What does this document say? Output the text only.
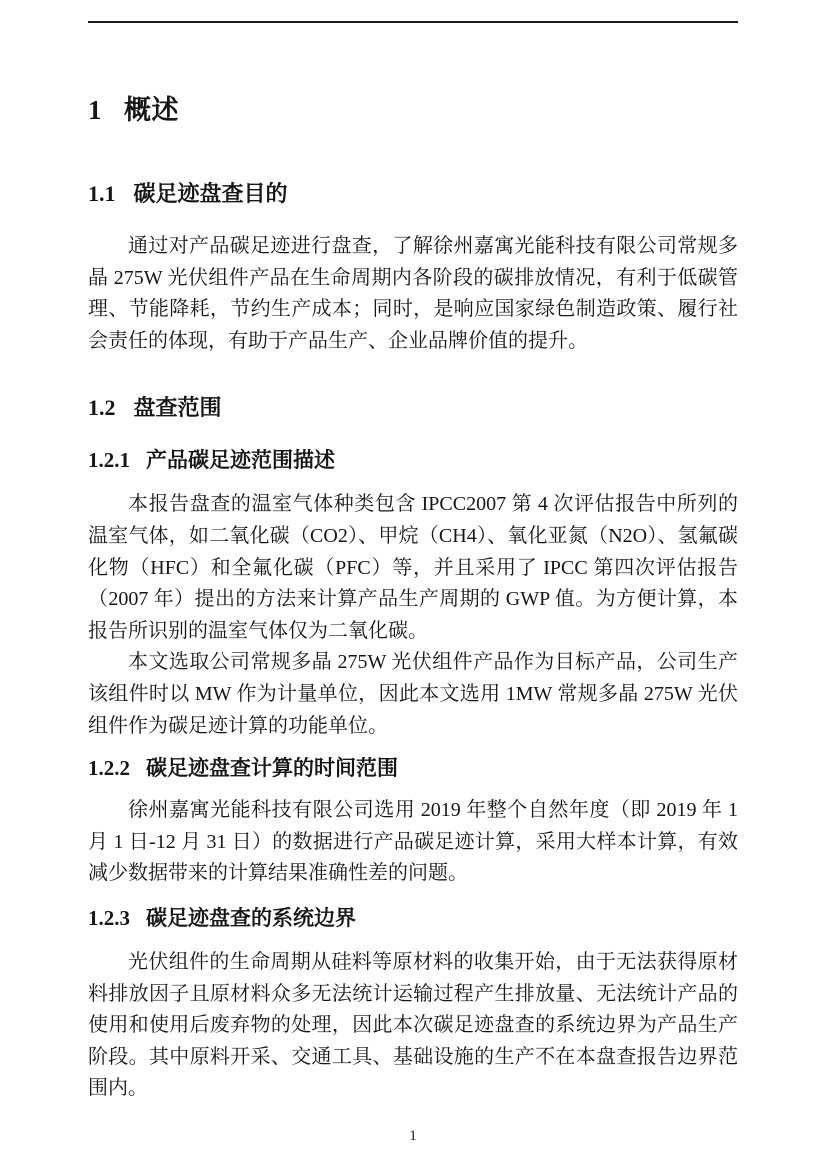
1 概述
1.1 碳足迹盘查目的

通过对产品碳足迹进行盘查，了解徐州嘉寓光能科技有限公司常规多晶 275W 光伏组件产品在生命周期内各阶段的碳排放情况，有利于低碳管理、节能降耗，节约生产成本；同时，是响应国家绿色制造政策、履行社会责任的体现，有助于产品生产、企业品牌价值的提升。

1.2 盘查范围
1.2.1 产品碳足迹范围描述

本报告盘查的温室气体种类包含 IPCC2007 第 4 次评估报告中所列的温室气体，如二氧化碳（CO2）、甲烷（CH4）、氧化亚氮（N2O）、氢氟碳化物（HFC）和全氟化碳（PFC）等，并且采用了 IPCC 第四次评估报告（2007 年）提出的方法来计算产品生产周期的 GWP 值。为方便计算，本报告所识别的温室气体仅为二氧化碳。

本文选取公司常规多晶 275W 光伏组件产品作为目标产品，公司生产该组件时以 MW 作为计量单位，因此本文选用 1MW 常规多晶 275W 光伏组件作为碳足迹计算的功能单位。

1.2.2 碳足迹盘查计算的时间范围

徐州嘉寓光能科技有限公司选用 2019 年整个自然年度（即 2019 年 1 月 1 日-12 月 31 日）的数据进行产品碳足迹计算，采用大样本计算，有效减少数据带来的计算结果准确性差的问题。

1.2.3 碳足迹盘查的系统边界

光伏组件的生命周期从硅料等原材料的收集开始，由于无法获得原材料排放因子且原材料众多无法统计运输过程产生排放量、无法统计产品的使用和使用后废弃物的处理，因此本次碳足迹盘查的系统边界为产品生产阶段。其中原料开采、交通工具、基础设施的生产不在本盘查报告边界范围内。

1
